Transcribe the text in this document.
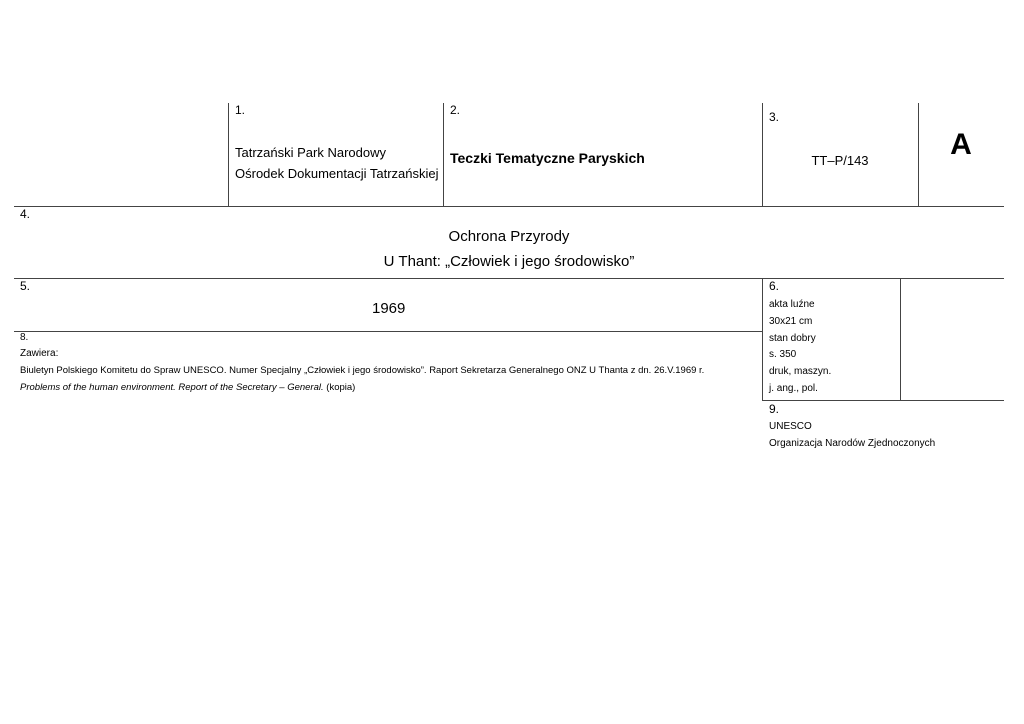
1.
Tatrzański Park Narodowy
Ośrodek Dokumentacji Tatrzańskiej
2.
Teczki Tematyczne Paryskich
3.
TT–P/143	A
4.
Ochrona Przyrody
U Thant: „Człowiek i jego środowisko”
5.
1969
6.
akta luźne
30x21 cm
stan dobry
s. 350
druk, maszyn.
j. ang., pol.
8.
Zawiera:
Biuletyn Polskiego Komitetu do Spraw UNESCO. Numer Specjalny „Człowiek i jego środowisko”. Raport Sekretarza Generalnego ONZ U Thanta z dn. 26.V.1969 r.
Problems of the human environment. Report of the Secretary – General. (kopia)
9.
UNESCO
Organizacja Narodów Zjednoczonych
